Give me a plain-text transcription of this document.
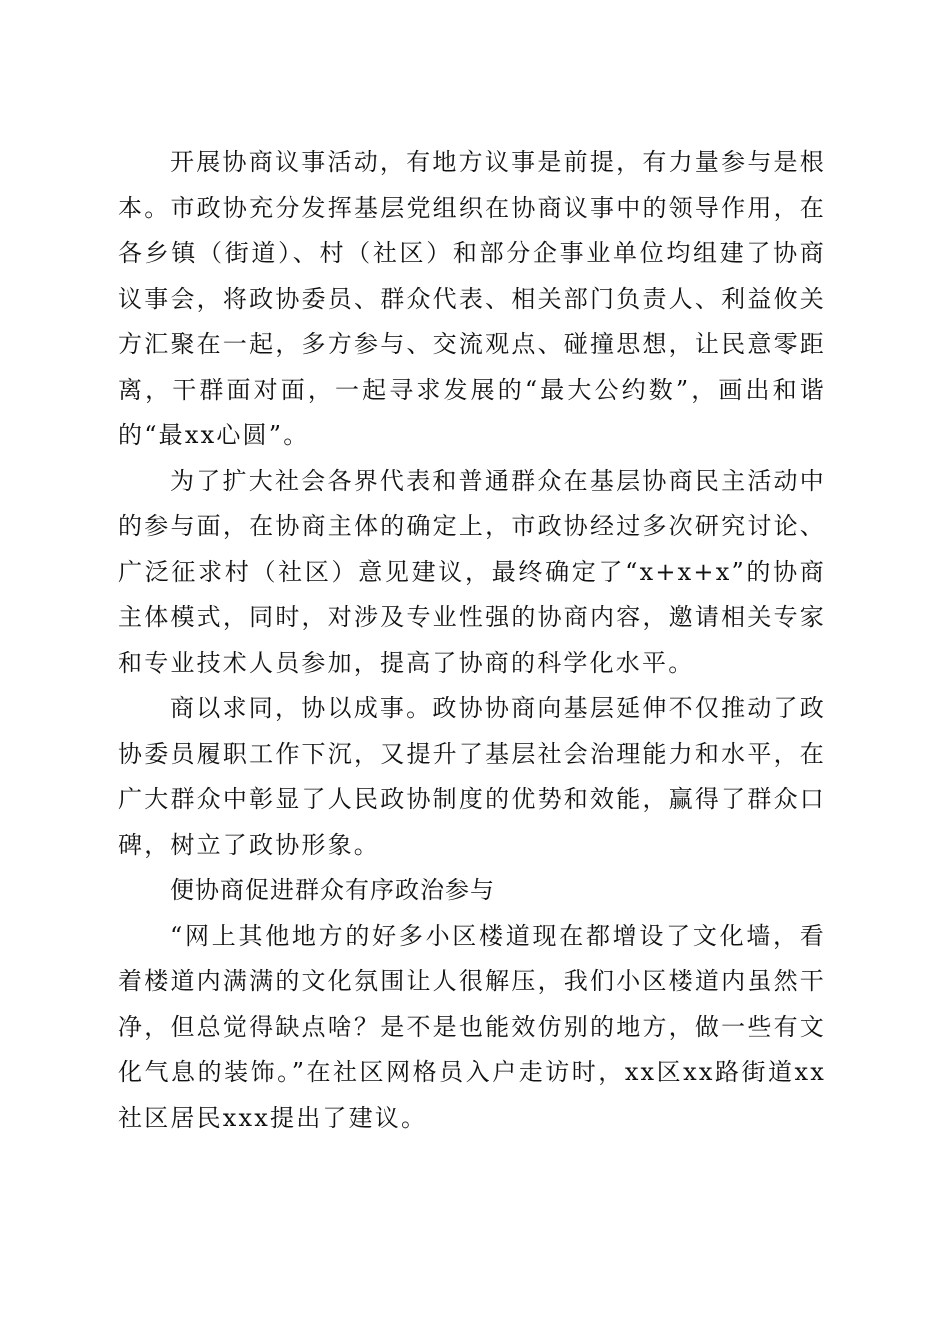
开展协商议事活动，有地方议事是前提，有力量参与是根本。市政协充分发挥基层党组织在协商议事中的领导作用，在各乡镇（街道）、村（社区）和部分企事业单位均组建了协商议事会，将政协委员、群众代表、相关部门负责人、利益攸关方汇聚在一起，多方参与、交流观点、碰撞思想，让民意零距离，干群面对面，一起寻求发展的“最大公约数”，画出和谐的“最xx心圆”。

为了扩大社会各界代表和普通群众在基层协商民主活动中的参与面，在协商主体的确定上，市政协经过多次研究讨论、广泛征求村（社区）意见建议，最终确定了“x+x+x”的协商主体模式，同时，对涉及专业性强的协商内容，邀请相关专家和专业技术人员参加，提高了协商的科学化水平。

商以求同，协以成事。政协协商向基层延伸不仅推动了政协委员履职工作下沉，又提升了基层社会治理能力和水平，在广大群众中彰显了人民政协制度的优势和效能，赢得了群众口碑，树立了政协形象。

便协商促进群众有序政治参与

“网上其他地方的好多小区楼道现在都增设了文化墙，看着楼道内满满的文化氛围让人很解压，我们小区楼道内虽然干净，但总觉得缺点啥？是不是也能效仿别的地方，做一些有文化气息的装饰。”在社区网格员入户走访时，xx区xx路街道xx社区居民xxx提出了建议。
